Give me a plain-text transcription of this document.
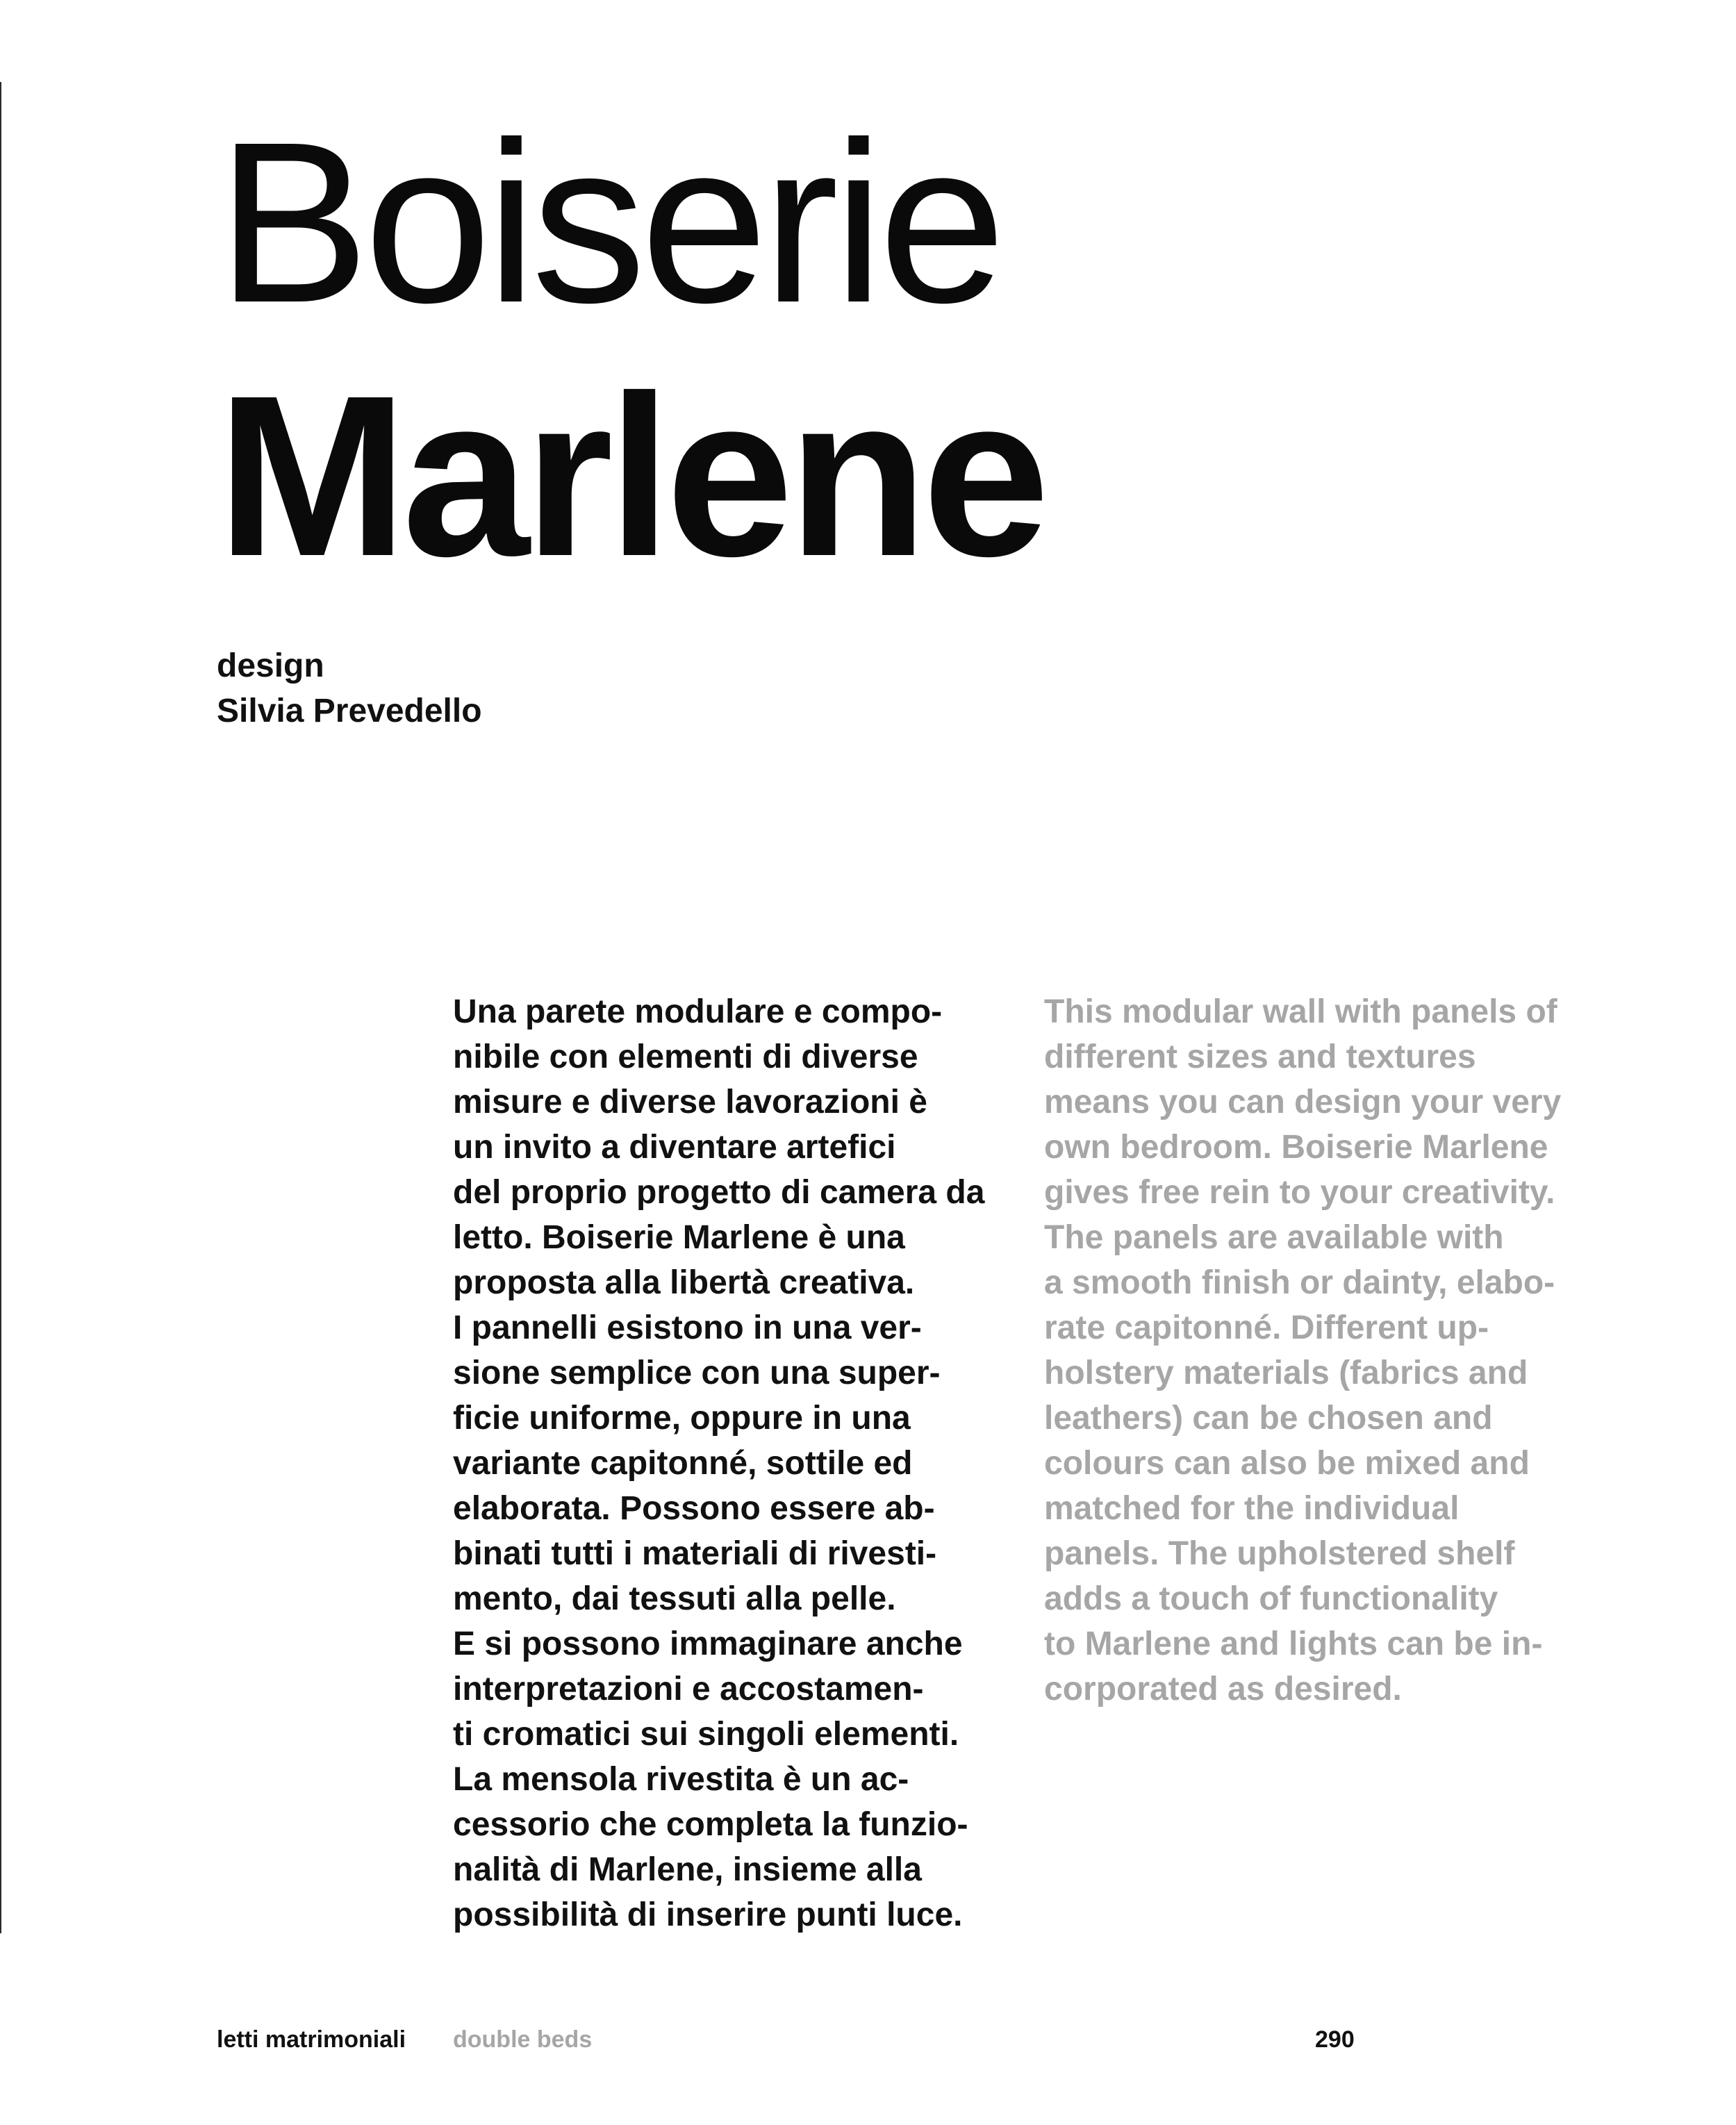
Boiserie
Marlene
design
Silvia Prevedello
Una parete modulare e compo-
nibile con elementi di diverse
misure e diverse lavorazioni è
un invito a diventare artefici
del proprio progetto di camera da
letto. Boiserie Marlene è una
proposta alla libertà creativa.
I pannelli esistono in una ver-
sione semplice con una super-
ficie uniforme, oppure in una
variante capitonné, sottile ed
elaborata. Possono essere ab-
binati tutti i materiali di rivesti-
mento, dai tessuti alla pelle.
E si possono immaginare anche
interpretazioni e accostamen-
ti cromatici sui singoli elementi.
La mensola rivestita è un ac-
cessorio che completa la funzio-
nalità di Marlene, insieme alla
possibilità di inserire punti luce.
This modular wall with panels of
different sizes and textures
means you can design your very
own bedroom. Boiserie Marlene
gives free rein to your creativity.
The panels are available with
a smooth finish or dainty, elabo-
rate capitonné. Different up-
holstery materials (fabrics and
leathers) can be chosen and
colours can also be mixed and
matched for the individual
panels. The upholstered shelf
adds a touch of functionality
to Marlene and lights can be in-
corporated as desired.
letti matrimoniali double beds	290
